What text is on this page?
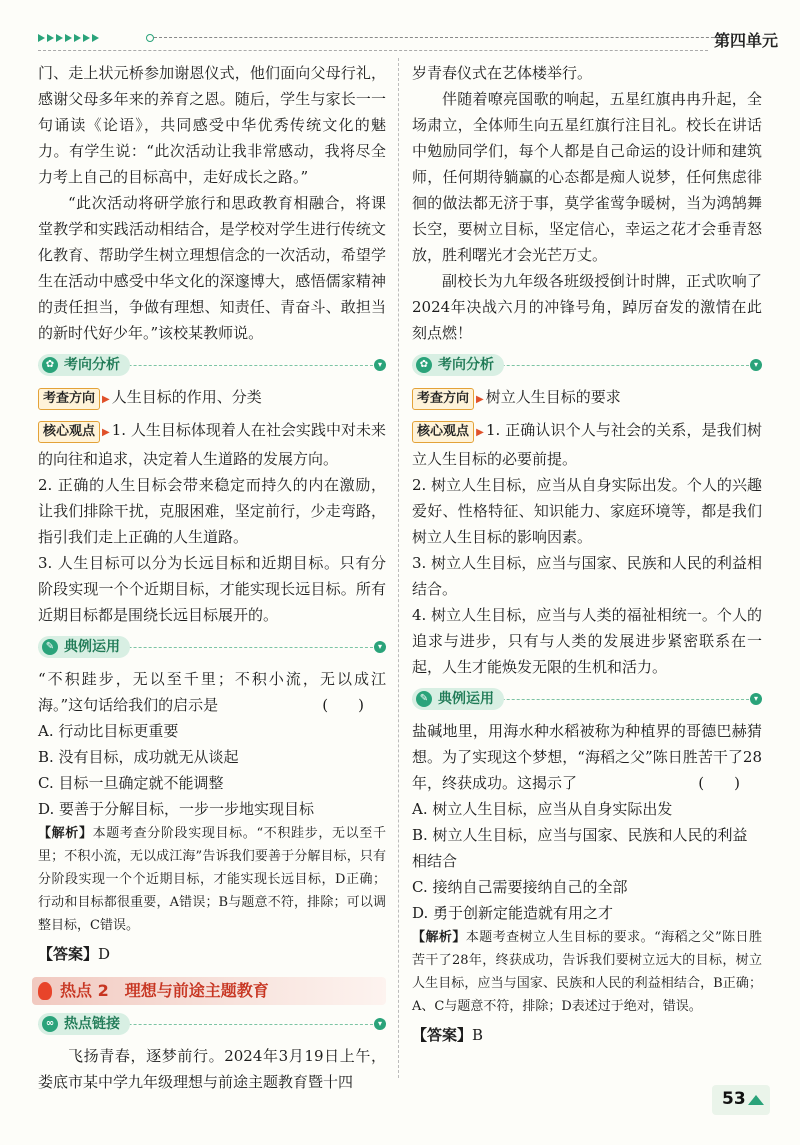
第四单元

门、走上状元桥参加谢恩仪式，他们面向父母行礼，感谢父母多年来的养育之恩。随后，学生与家长一一句诵读《论语》，共同感受中华优秀传统文化的魅力。有学生说：“此次活动让我非常感动，我将尽全力考上自己的目标高中，走好成长之路。”

“此次活动将研学旅行和思政教育相融合，将课堂教学和实践活动相结合，是学校对学生进行传统文化教育、帮助学生树立理想信念的一次活动，希望学生在活动中感受中华文化的深邃博大，感悟儒家精神的责任担当，争做有理想、知责任、青奋斗、敢担当的新时代好少年。”该校某教师说。

✿ 考向分析	▾

考查方向 ▶ 人生目标的作用、分类

核心观点 ▶ 1. 人生目标体现着人在社会实践中对未来的向往和追求，决定着人生道路的发展方向。

2. 正确的人生目标会带来稳定而持久的内在激励，让我们排除干扰，克服困难，坚定前行，少走弯路，指引我们走上正确的人生道路。

3. 人生目标可以分为长远目标和近期目标。只有分阶段实现一个个近期目标，才能实现长远目标。所有近期目标都是围绕长远目标展开的。

✎ 典例运用	▾

“不积跬步，无以至千里；不积小流，无以成江海。”这句话给我们的启示是	(　　)

A. 行动比目标更重要
B. 没有目标，成功就无从谈起
C. 目标一旦确定就不能调整
D. 要善于分解目标，一步一步地实现目标

【解析】本题考查分阶段实现目标。“不积跬步，无以至千里；不积小流，无以成江海”告诉我们要善于分解目标，只有分阶段实现一个个近期目标，才能实现长远目标，D正确；行动和目标都很重要，A错误；B与题意不符，排除；可以调整目标，C错误。

【答案】D

热点 2　理想与前途主题教育
∞ 热点链接	▾

飞扬青春，逐梦前行。2024年3月19日上午，娄底市某中学九年级理想与前途主题教育暨十四

岁青春仪式在艺体楼举行。

伴随着嘹亮国歌的响起，五星红旗冉冉升起，全场肃立，全体师生向五星红旗行注目礼。校长在讲话中勉励同学们，每个人都是自己命运的设计师和建筑师，任何期待躺赢的心态都是痴人说梦，任何焦虑徘徊的做法都无济于事，莫学雀莺争暖树，当为鸿鹄舞长空，要树立目标，坚定信心，幸运之花才会垂青怒放，胜利曙光才会光芒万丈。

副校长为九年级各班级授倒计时牌，正式吹响了2024年决战六月的冲锋号角，踔厉奋发的激情在此刻点燃！

✿ 考向分析	▾

考查方向 ▶ 树立人生目标的要求

核心观点 ▶ 1. 正确认识个人与社会的关系，是我们树立人生目标的必要前提。

2. 树立人生目标，应当从自身实际出发。个人的兴趣爱好、性格特征、知识能力、家庭环境等，都是我们树立人生目标的影响因素。

3. 树立人生目标，应当与国家、民族和人民的利益相结合。

4. 树立人生目标，应当与人类的福祉相统一。个人的追求与进步，只有与人类的发展进步紧密联系在一起，人生才能焕发无限的生机和活力。

✎ 典例运用	▾

盐碱地里，用海水种水稻被称为种植界的哥德巴赫猜想。为了实现这个梦想，“海稻之父”陈日胜苦干了28年，终获成功。这揭示了	(　　)

A. 树立人生目标，应当从自身实际出发
B. 树立人生目标，应当与国家、民族和人民的利益相结合
C. 接纳自己需要接纳自己的全部
D. 勇于创新定能造就有用之才

【解析】本题考查树立人生目标的要求。“海稻之父”陈日胜苦干了28年，终获成功，告诉我们要树立远大的目标，树立人生目标，应当与国家、民族和人民的利益相结合，B正确；A、C与题意不符，排除；D表述过于绝对，错误。

【答案】B

53
